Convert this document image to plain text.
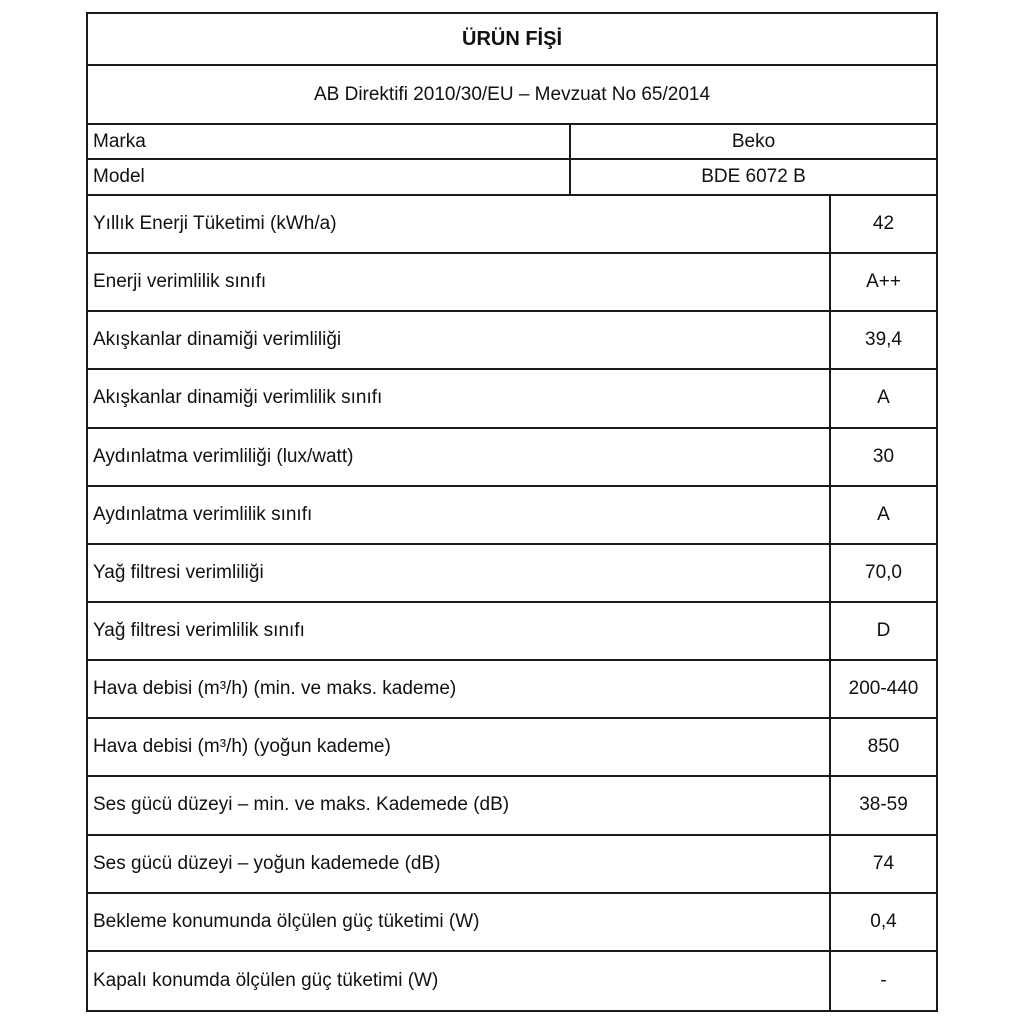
ÜRÜN FİŞİ
AB Direktifi 2010/30/EU – Mevzuat No 65/2014
Marka	Beko
Model	BDE 6072 B
Yıllık Enerji Tüketimi (kWh/a)	42
Enerji verimlilik sınıfı	A++
Akışkanlar dinamiği verimliliği	39,4
Akışkanlar dinamiği verimlilik sınıfı	A
Aydınlatma verimliliği (lux/watt)	30
Aydınlatma verimlilik sınıfı	A
Yağ filtresi verimliliği	70,0
Yağ filtresi verimlilik sınıfı	D
Hava debisi (m³/h) (min. ve maks. kademe)	200-440
Hava debisi (m³/h) (yoğun kademe)	850
Ses gücü düzeyi – min. ve maks. Kademede (dB)	38-59
Ses gücü düzeyi – yoğun kademede (dB)	74
Bekleme konumunda ölçülen güç tüketimi (W)	0,4
Kapalı konumda ölçülen güç tüketimi (W)	-
